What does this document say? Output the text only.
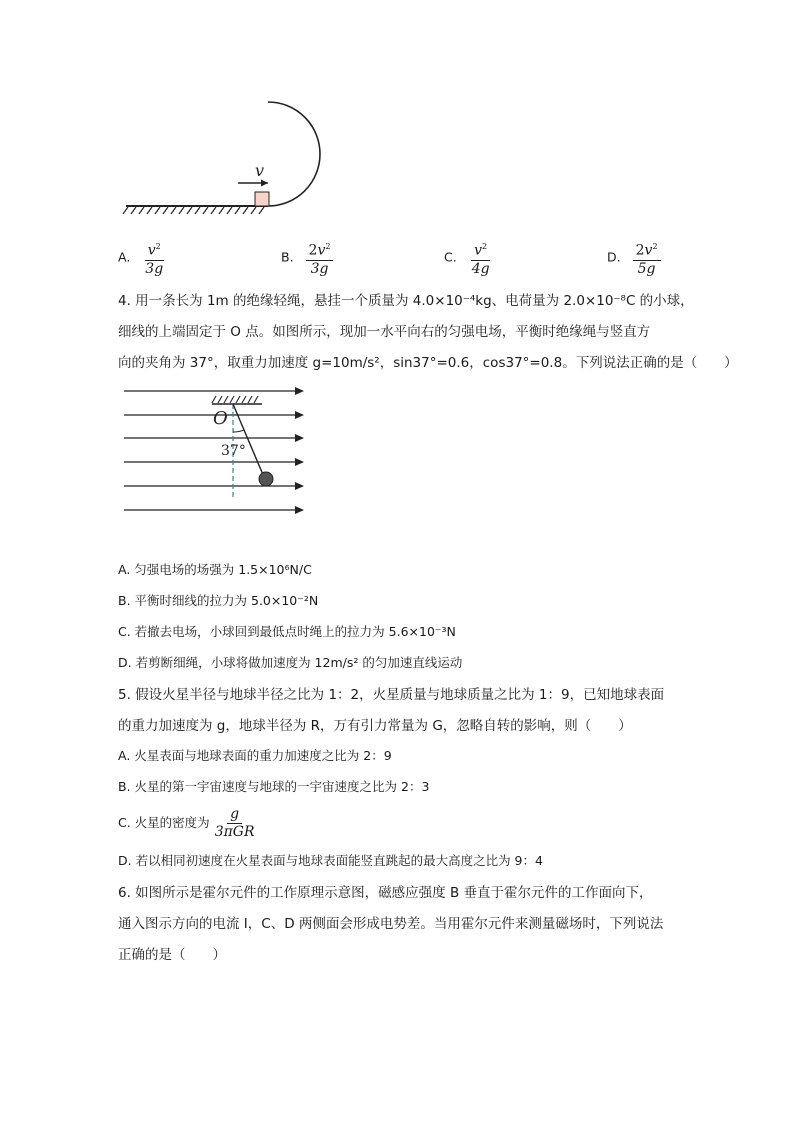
v
A. $\frac{v^2}{3g}$	B. $\frac{2v^2}{3g}$	C. $\frac{v^2}{4g}$	D. $\frac{2v^2}{5g}$
4. 用一条长为 1m 的绝缘轻绳，悬挂一个质量为 4.0×10⁻⁴kg、电荷量为 2.0×10⁻⁸C 的小球，
细线的上端固定于 O 点。如图所示，现加一水平向右的匀强电场，平衡时绝缘绳与竖直方
向的夹角为 37°，取重力加速度 g=10m/s²，sin37°=0.6，cos37°=0.8。下列说法正确的是（　　）
O
37°
A. 匀强电场的场强为 1.5×10⁶N/C
B. 平衡时细线的拉力为 5.0×10⁻²N
C. 若撤去电场，小球回到最低点时绳上的拉力为 5.6×10⁻³N
D. 若剪断细绳，小球将做加速度为 12m/s² 的匀加速直线运动
5. 假设火星半径与地球半径之比为 1：2，火星质量与地球质量之比为 1：9，已知地球表面
的重力加速度为 g，地球半径为 R，万有引力常量为 G，忽略自转的影响，则（　　）
A. 火星表面与地球表面的重力加速度之比为 2：9
B. 火星的第一宇宙速度与地球的一宇宙速度之比为 2：3
C. 火星的密度为 $\frac{g}{\text{3πGR}}$
D. 若以相同初速度在火星表面与地球表面能竖直跳起的最大高度之比为 9：4
6. 如图所示是霍尔元件的工作原理示意图，磁感应强度 B 垂直于霍尔元件的工作面向下，
通入图示方向的电流 I，C、D 两侧面会形成电势差。当用霍尔元件来测量磁场时，下列说法
正确的是（　　）
